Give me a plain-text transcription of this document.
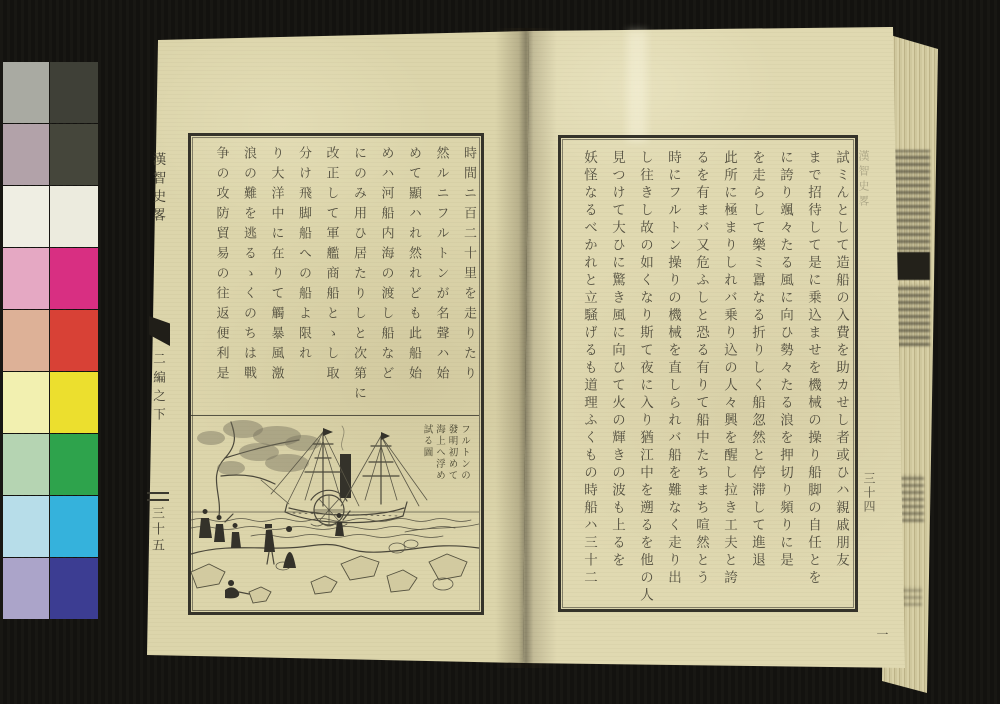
漢智史畧
二編之下
三十五
時間ニ百二十里を走りたり
然ルニフルトンが名聲ハ始
めて顯ハれ然れども此船始
めハ河船内海の渡し船など
にのみ用ひ居たりしと次第に
改正して軍艦商船とゝし取
分け飛脚船への船よ限れ
り大洋中に在りて觸暴風激
浪の難を逃るゝくのちは戰
争の攻防貿易の往返便利是
フルトンの
發明初めて
海上へ浮め
試る圖	試ミんとして造船の入費を助カせし者或ひハ親戚朋友
まで招待して是に乗込ませを機械の操り船脚の自任とを
に誇り颯々たる風に向ひ勢々たる浪を押切り頻りに是
を走らして樂ミ囂なる折りしく船忽然と停滞して進退
此所に極まりしれバ乗り込の人々興を醒し拉き工夫と誇
るを有まバ又危ふしと恐る有りて船中たちまち喧然とう
時にフルトン操りの機械を直しられバ船を難なく走り出
し往きし故の如くなり斯て夜に入り猶江中を遡るを他の人
見つけて大ひに驚き風に向ひて火の輝きの波も上るを
妖怪なるべかれと立騒げるも道理ふくもの時船ハ三十二	漢智史畧
三十四
一
